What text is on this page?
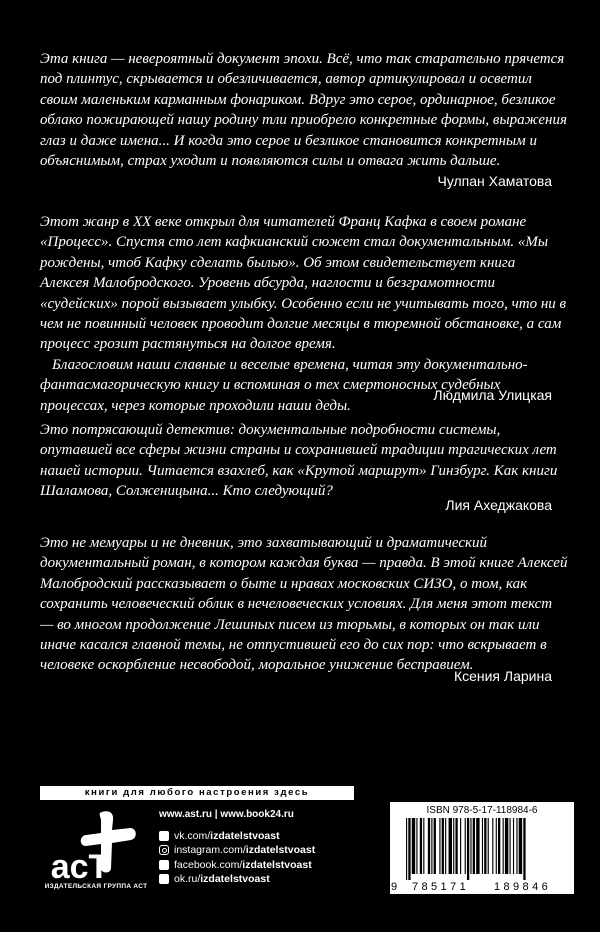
Эта книга — невероятный документ эпохи. Всё, что так старательно прячется под плинтус, скрывается и обезличивается, автор артикулировал и осветил своим маленьким карманным фонариком. Вдруг это серое, ординарное, безликое облако пожирающей нашу родину тли приобрело конкретные формы, выражения глаз и даже имена... И когда это серое и безликое становится конкретным и объяснимым, страх уходит и появляются силы и отвага жить дальше.

Чулпан Хаматова

Этот жанр в XX веке открыл для читателей Франц Кафка в своем романе «Процесс». Спустя сто лет кафкианский сюжет стал документальным. «Мы рождены, чтоб Кафку сделать былью». Об этом свидетельствует книга Алексея Малобродского. Уровень абсурда, наглости и безграмотности «судейских» порой вызывает улыбку. Особенно если не учитывать того, что ни в чем не повинный человек проводит долгие месяцы в тюремной обстановке, а сам процесс грозит растянуться на долгое время.

Благословим наши славные и веселые времена, читая эту документально-фантасмагорическую книгу и вспоминая о тех смертоносных судебных процессах, через которые проходили наши деды.

Людмила Улицкая

Это потрясающий детектив: документальные подробности системы, опутавшей все сферы жизни страны и сохранившей традиции трагических лет нашей истории. Читается взахлеб, как «Крутой маршрут» Гинзбург. Как книги Шаламова, Солженицына... Кто следующий?

Лия Ахеджакова

Это не мемуары и не дневник, это захватывающий и драматический документальный роман, в котором каждая буква — правда. В этой книге Алексей Малобродский рассказывает о быте и нравах московских СИЗО, о том, как сохранить человеческий облик в нечеловеческих условиях. Для меня этот текст — во многом продолжение Лешиных писем из тюрьмы, в которых он так или иначе касался главной темы, не отпустившей его до сих пор: что вскрывает в человеке оскорбление несвободой, моральное унижение бесправием.

Ксения Ларина
книги для любого настроения здесь
acT
ИЗДАТЕЛЬСКАЯ ГРУППА АСТ
www.ast.ru | www.book24.ru
vk.com/izdatelstvoast
instagram.com/izdatelstvoast
facebook.com/izdatelstvoast
ok.ru/izdatelstvoast
ISBN 978-5-17-118984-6
9 785171 189846
